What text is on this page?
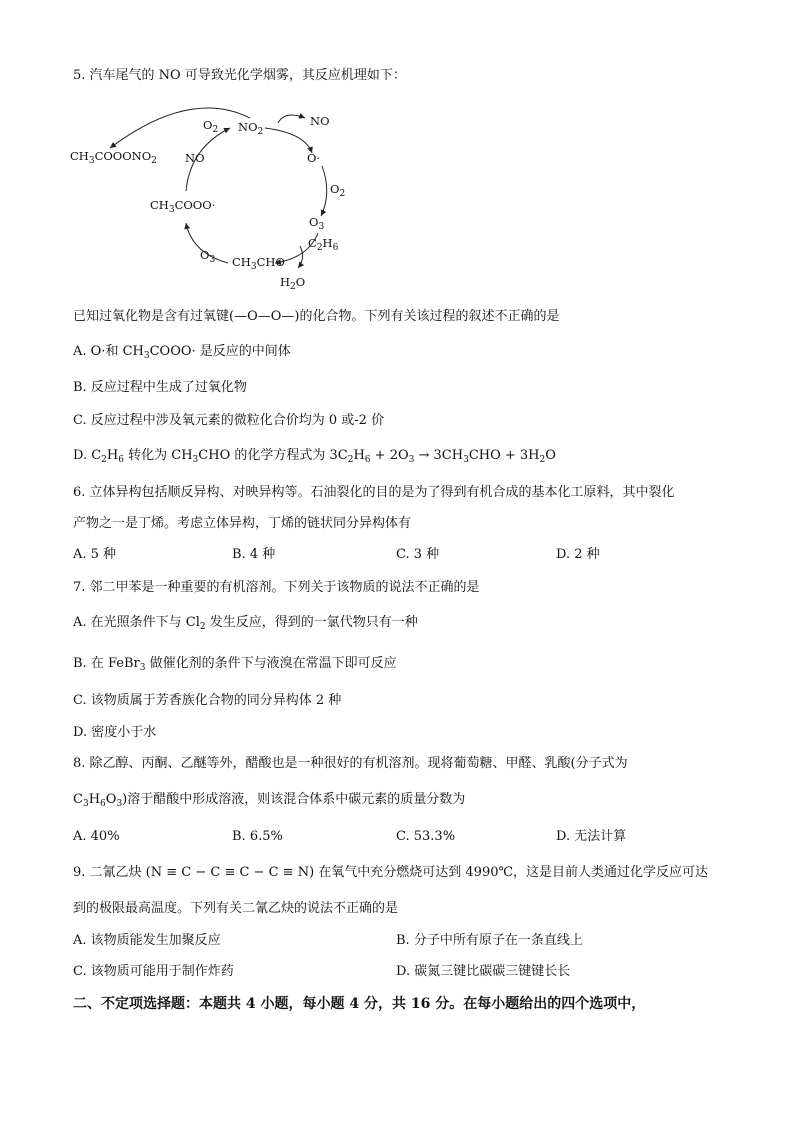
5. 汽车尾气的 NO 可导致光化学烟雾，其反应机理如下：
$CH_3COOONO_2$
$O_2$ $NO_2$
NO
NO	O·
$O_2$
$O_3$
$C_2H_6$
$H_2O$
$O_3$ $CH_3CHO$
$CH_3COOO\cdot$
已知过氧化物是含有过氧键(—O—O—)的化合物。下列有关该过程的叙述不正确的是
A. O·和 $CH_3COOO\cdot$ 是反应的中间体
B. 反应过程中生成了过氧化物
C. 反应过程中涉及氧元素的微粒化合价均为 0 或-2 价
D. $C_2H_6$ 转化为 $CH_3CHO$ 的化学方程式为 $3C_2H_6 + 2O_3 \to 3CH_3CHO + 3H_2O$
6. 立体异构包括顺反异构、对映异构等。石油裂化的目的是为了得到有机合成的基本化工原料，其中裂化
产物之一是丁烯。考虑立体异构，丁烯的链状同分异构体有
A. 5 种	B. 4 种	C. 3 种	D. 2 种
7. 邻二甲苯是一种重要的有机溶剂。下列关于该物质的说法不正确的是
A. 在光照条件下与 $Cl_2$ 发生反应，得到的一氯代物只有一种
B. 在 FeBr$_3$ 做催化剂的条件下与液溴在常温下即可反应
C. 该物质属于芳香族化合物的同分异构体 2 种
D. 密度小于水
8. 除乙醇、丙酮、乙醚等外，醋酸也是一种很好的有机溶剂。现将葡萄糖、甲醛、乳酸(分子式为
$C_3H_6O_3$)溶于醋酸中形成溶液，则该混合体系中碳元素的质量分数为
A. 40%	B. 6.5%	C. 53.3%	D. 无法计算
9. 二氰乙炔 (N ≡ C − C ≡ C − C ≡ N) 在氧气中充分燃烧可达到 4990℃，这是目前人类通过化学反应可达
到的极限最高温度。下列有关二氰乙炔的说法不正确的是
A. 该物质能发生加聚反应	B. 分子中所有原子在一条直线上
C. 该物质可能用于制作炸药	D. 碳氮三键比碳碳三键键长长
二、不定项选择题：本题共 4 小题，每小题 4 分，共 16 分。在每小题给出的四个选项中，
